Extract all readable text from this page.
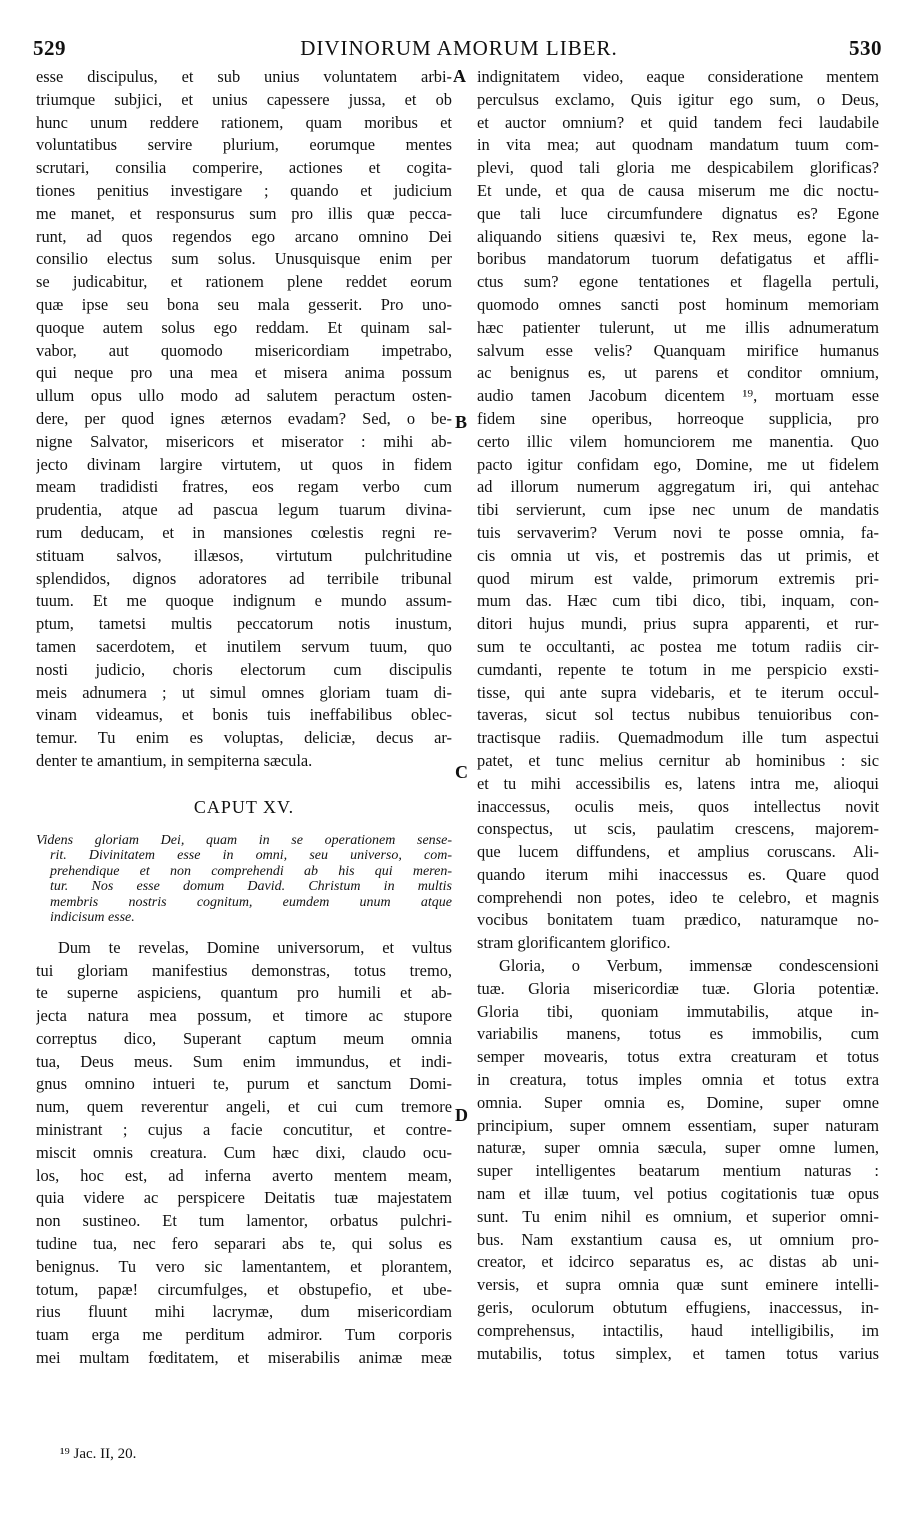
529	DIVINORUM AMORUM LIBER.	530
esse discipulus, et sub unius voluntatem arbi-
triumque subjici, et unius capessere jussa, et ob
hunc unum reddere rationem, quam moribus et
voluntatibus servire plurium, eorumque mentes
scrutari, consilia comperire, actiones et cogita-
tiones penitius investigare ; quando et judicium
me manet, et responsurus sum pro illis quæ pecca-
runt, ad quos regendos ego arcano omnino Dei
consilio electus sum solus. Unusquisque enim per
se judicabitur, et rationem plene reddet eorum
quæ ipse seu bona seu mala gesserit. Pro uno-
quoque autem solus ego reddam. Et quinam sal-
vabor, aut quomodo misericordiam impetrabo,
qui neque pro una mea et misera anima possum
ullum opus ullo modo ad salutem peractum osten-
dere, per quod ignes æternos evadam? Sed, o be-
nigne Salvator, misericors et miserator : mihi ab-
jecto divinam largire virtutem, ut quos in fidem
meam tradidisti fratres, eos regam verbo cum
prudentia, atque ad pascua legum tuarum divina-
rum deducam, et in mansiones cœlestis regni re-
stituam salvos, illæsos, virtutum pulchritudine
splendidos, dignos adoratores ad terribile tribunal
tuum. Et me quoque indignum e mundo assum-
ptum, tametsi multis peccatorum notis inustum,
tamen sacerdotem, et inutilem servum tuum, quo
nosti judicio, choris electorum cum discipulis
meis adnumera ; ut simul omnes gloriam tuam di-
vinam videamus, et bonis tuis ineffabilibus oblec-
temur. Tu enim es voluptas, deliciæ, decus ar-
denter te amantium, in sempiterna sæcula.
CAPUT XV.
Videns gloriam Dei, quam in se operationem sense-
rit. Divinitatem esse in omni, seu universo, com-
prehendique et non comprehendi ab his qui meren-
tur. Nos esse domum David. Christum in multis
membris nostris cognitum, eumdem unum atque
indicisum esse.
Dum te revelas, Domine universorum, et vultus
tui gloriam manifestius demonstras, totus tremo,
te superne aspiciens, quantum pro humili et ab-
jecta natura mea possum, et timore ac stupore
correptus dico, Superant captum meum omnia
tua, Deus meus. Sum enim immundus, et indi-
gnus omnino intueri te, purum et sanctum Domi-
num, quem reverentur angeli, et cui cum tremore
ministrant ; cujus a facie concutitur, et contre-
miscit omnis creatura. Cum hæc dixi, claudo ocu-
los, hoc est, ad inferna averto mentem meam,
quia videre ac perspicere Deitatis tuæ majestatem
non sustineo. Et tum lamentor, orbatus pulchri-
tudine tua, nec fero separari abs te, qui solus es
benignus. Tu vero sic lamentantem, et plorantem,
totum, papæ! circumfulges, et obstupefio, et ube-
rius fluunt mihi lacrymæ, dum misericordiam
tuam erga me perditum admiror. Tum corporis
mei multam fœditatem, et miserabilis animæ meæ
indignitatem video, eaque consideratione mentem
perculsus exclamo, Quis igitur ego sum, o Deus,
et auctor omnium? et quid tandem feci laudabile
in vita mea; aut quodnam mandatum tuum com-
plevi, quod tali gloria me despicabilem glorificas?
Et unde, et qua de causa miserum me dic noctu-
que tali luce circumfundere dignatus es? Egone
aliquando sitiens quæsivi te, Rex meus, egone la-
boribus mandatorum tuorum defatigatus et affli-
ctus sum? egone tentationes et flagella pertuli,
quomodo omnes sancti post hominum memoriam
hæc patienter tulerunt, ut me illis adnumeratum
salvum esse velis? Quanquam mirifice humanus
ac benignus es, ut parens et conditor omnium,
audio tamen Jacobum dicentem ¹⁹, mortuam esse
fidem sine operibus, horreoque supplicia, pro
certo illic vilem homunciorem me manentia. Quo
pacto igitur confidam ego, Domine, me ut fidelem
ad illorum numerum aggregatum iri, qui antehac
tibi servierunt, cum ipse nec unum de mandatis
tuis servaverim? Verum novi te posse omnia, fa-
cis omnia ut vis, et postremis das ut primis, et
quod mirum est valde, primorum extremis pri-
mum das. Hæc cum tibi dico, tibi, inquam, con-
ditori hujus mundi, prius supra apparenti, et rur-
sum te occultanti, ac postea me totum radiis cir-
cumdanti, repente te totum in me perspicio exsti-
tisse, qui ante supra videbaris, et te iterum occul-
taveras, sicut sol tectus nubibus tenuioribus con-
tractisque radiis. Quemadmodum ille tum aspectui
patet, et tunc melius cernitur ab hominibus : sic
et tu mihi accessibilis es, latens intra me, alioqui
inaccessus, oculis meis, quos intellectus novit
conspectus, ut scis, paulatim crescens, majorem-
que lucem diffundens, et amplius coruscans. Ali-
quando iterum mihi inaccessus es. Quare quod
comprehendi non potes, ideo te celebro, et magnis
vocibus bonitatem tuam prædico, naturamque no-
stram glorificantem glorifico.
Gloria, o Verbum, immensæ condescensioni
tuæ. Gloria misericordiæ tuæ. Gloria potentiæ.
Gloria tibi, quoniam immutabilis, atque in-
variabilis manens, totus es immobilis, cum
semper movearis, totus extra creaturam et totus
in creatura, totus imples omnia et totus extra
omnia. Super omnia es, Domine, super omne
principium, super omnem essentiam, super naturam
naturæ, super omnia sæcula, super omne lumen,
super intelligentes beatarum mentium naturas :
nam et illæ tuum, vel potius cogitationis tuæ opus
sunt. Tu enim nihil es omnium, et superior omni-
bus. Nam exstantium causa es, ut omnium pro-
creator, et idcirco separatus es, ac distas ab uni-
versis, et supra omnia quæ sunt eminere intelli-
geris, oculorum obtutum effugiens, inaccessus, in-
comprehensus, intactilis, haud intelligibilis, im
mutabilis, totus simplex, et tamen totus varius
A
B
C
D
¹⁹ Jac. II, 20.
